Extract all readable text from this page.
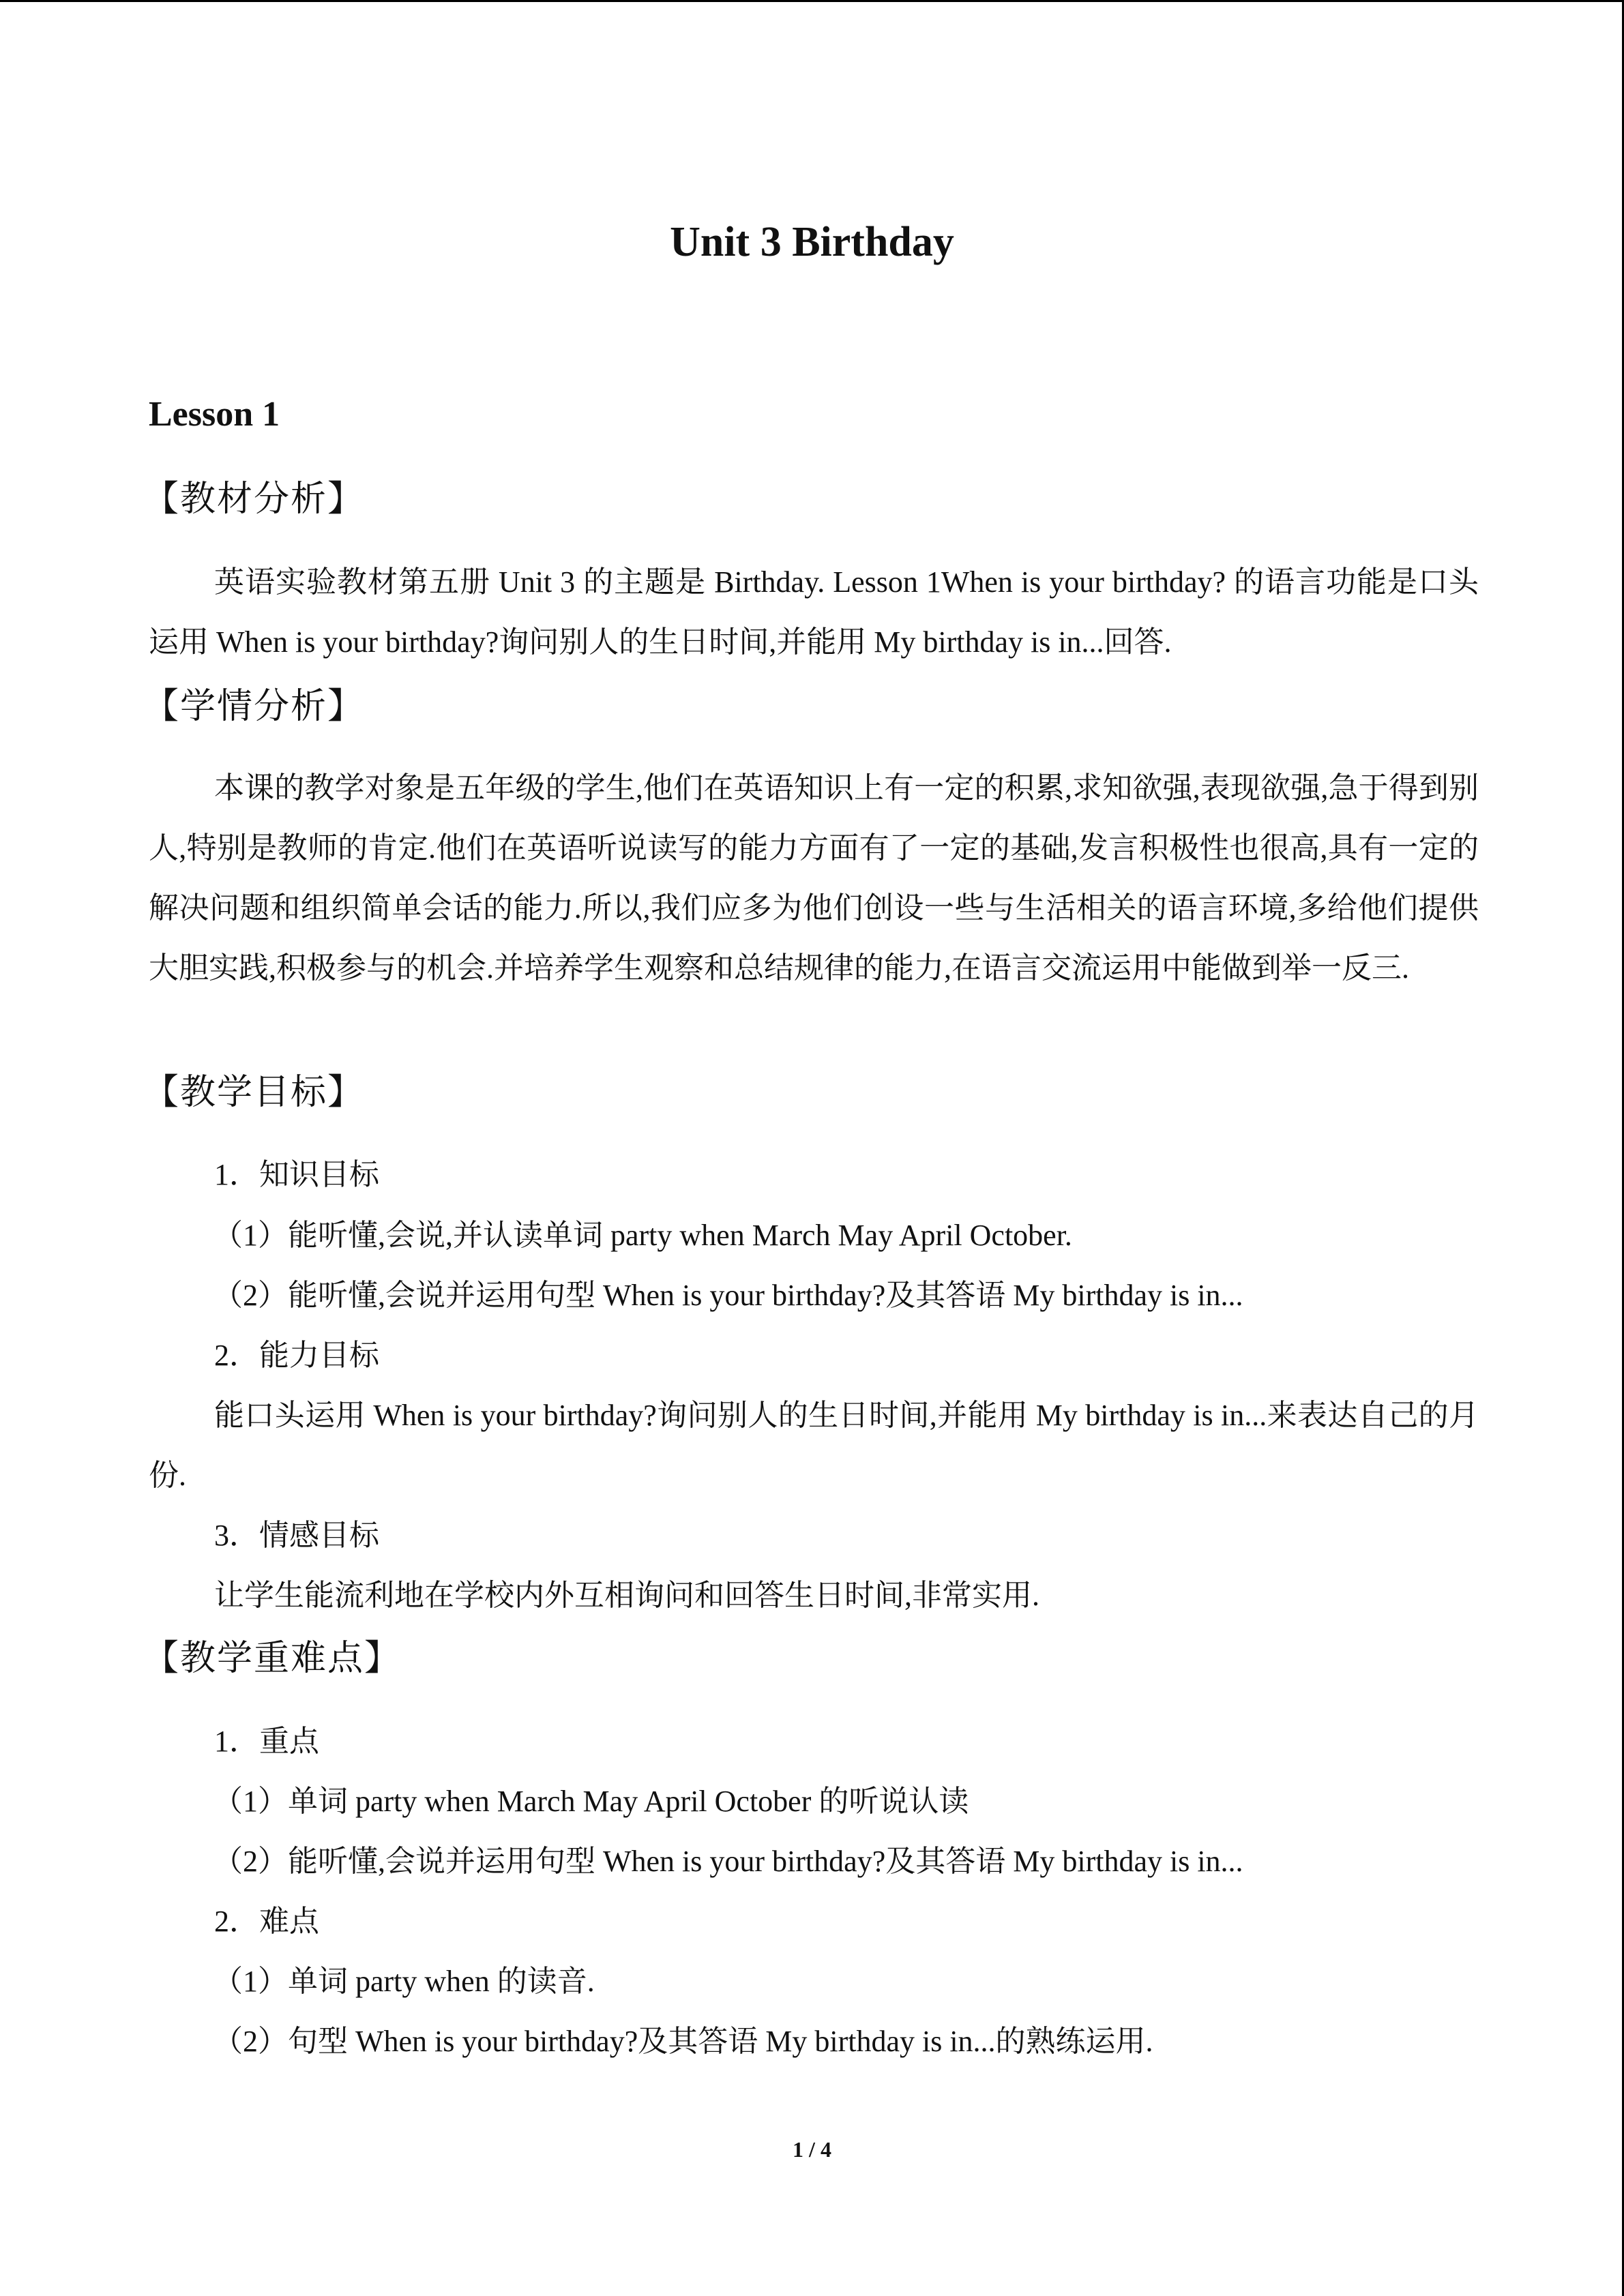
Unit 3 Birthday
Lesson 1
【教材分析】

英语实验教材第五册 Unit 3 的主题是 Birthday. Lesson 1When is your birthday? 的语言功能是口头运用 When is your birthday?询问别人的生日时间,并能用 My birthday is in...回答.

【学情分析】

本课的教学对象是五年级的学生,他们在英语知识上有一定的积累,求知欲强,表现欲强,急于得到别人,特别是教师的肯定.他们在英语听说读写的能力方面有了一定的基础,发言积极性也很高,具有一定的解决问题和组织简单会话的能力.所以,我们应多为他们创设一些与生活相关的语言环境,多给他们提供大胆实践,积极参与的机会.并培养学生观察和总结规律的能力,在语言交流运用中能做到举一反三.

【教学目标】
1．知识目标
（1）能听懂,会说,并认读单词 party when March May April October.
（2）能听懂,会说并运用句型 When is your birthday?及其答语 My birthday is in...
2．能力目标

能口头运用 When is your birthday?询问别人的生日时间,并能用 My birthday is in...来表达自己的月份.

3．情感目标
让学生能流利地在学校内外互相询问和回答生日时间,非常实用.
【教学重难点】
1．重点
（1）单词 party when March May April October 的听说认读
（2）能听懂,会说并运用句型 When is your birthday?及其答语 My birthday is in...
2．难点
（1）单词 party when 的读音.
（2）句型 When is your birthday?及其答语 My birthday is in...的熟练运用.
1 / 4
